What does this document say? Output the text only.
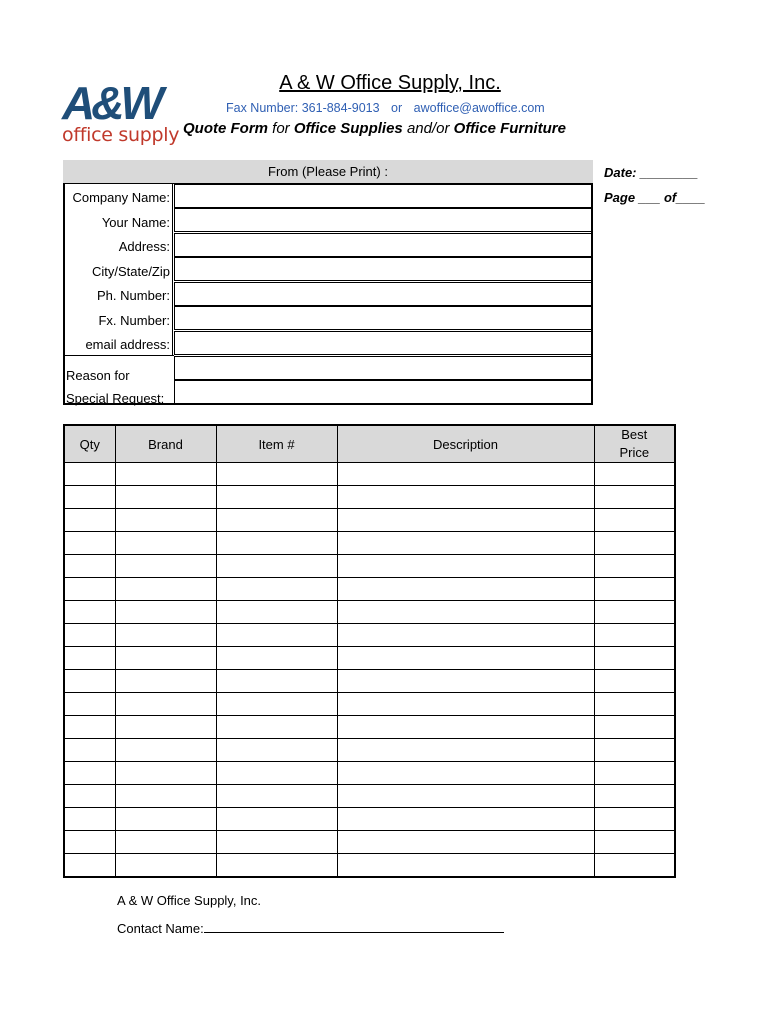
A&W
office supply
A & W Office Supply, Inc.
Fax Number: 361-884-9013 or awoffice@awoffice.com
Quote Form for Office Supplies and/or Office Furniture
Date: ________
Page ___ of____
From (Please Print) :
Company Name:
Your Name:
Address:
City/State/Zip
Ph. Number:
Fx. Number:
email address:
Reason for
Special Request:
Qty	Brand	Item #	Description	Best Price

A & W Office Supply, Inc.
Contact Name:
